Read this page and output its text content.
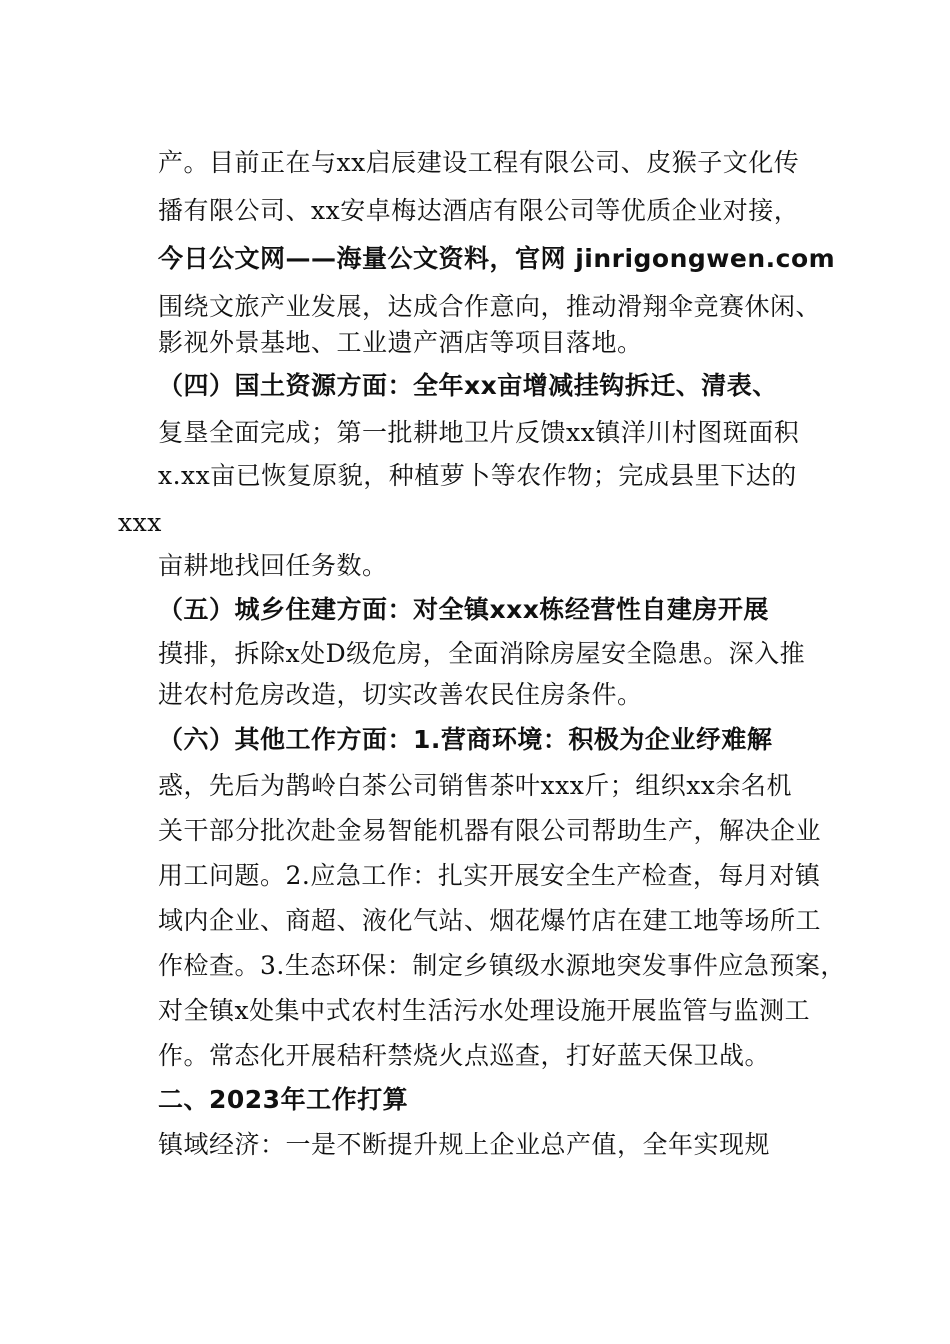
产。目前正在与xx启辰建设工程有限公司、皮猴子文化传
播有限公司、xx安卓梅达酒店有限公司等优质企业对接，
今日公文网——海量公文资料，官网 jinrigongwen.com
围绕文旅产业发展，达成合作意向，推动滑翔伞竞赛休闲、
影视外景基地、工业遗产酒店等项目落地。
（四）国土资源方面：全年xx亩增减挂钩拆迁、清表、
复垦全面完成；第一批耕地卫片反馈xx镇洋川村图斑面积
x.xx亩已恢复原貌，种植萝卜等农作物；完成县里下达的
xxx
亩耕地找回任务数。
（五）城乡住建方面：对全镇xxx栋经营性自建房开展
摸排，拆除x处D级危房，全面消除房屋安全隐患。深入推
进农村危房改造，切实改善农民住房条件。
（六）其他工作方面：1.营商环境：积极为企业纾难解
惑，先后为鹊岭白茶公司销售茶叶xxx斤；组织xx余名机
关干部分批次赴金易智能机器有限公司帮助生产，解决企业
用工问题。2.应急工作：扎实开展安全生产检查，每月对镇
域内企业、商超、液化气站、烟花爆竹店在建工地等场所工
作检查。3.生态环保：制定乡镇级水源地突发事件应急预案，
对全镇x处集中式农村生活污水处理设施开展监管与监测工
作。常态化开展秸秆禁烧火点巡查，打好蓝天保卫战。
二、2023年工作打算
镇域经济：一是不断提升规上企业总产值，全年实现规
